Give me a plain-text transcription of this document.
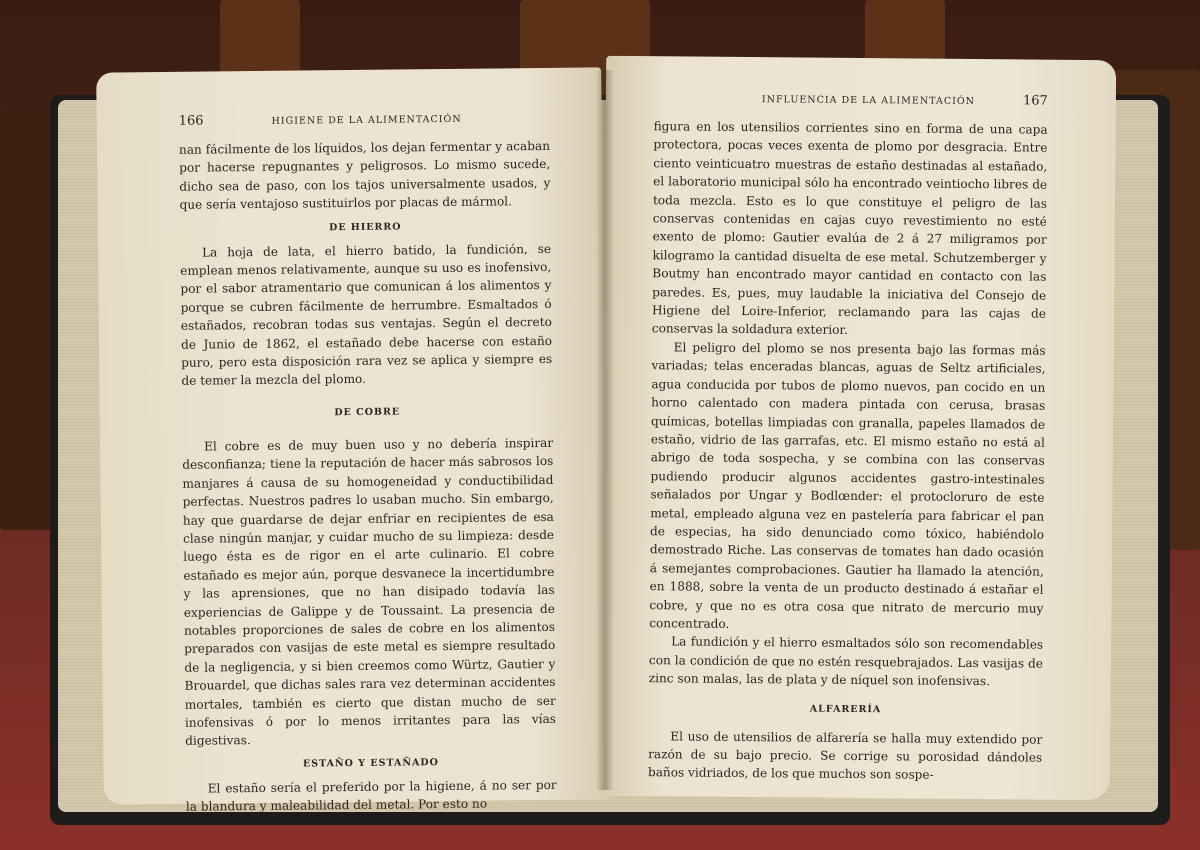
166	HIGIENE DE LA ALIMENTACIÓN

nan fácilmente de los líquidos, los dejan fermentar y acaban por hacerse repugnantes y peligrosos. Lo mismo sucede, dicho sea de paso, con los tajos universalmente usados, y que sería ventajoso sustituirlos por placas de mármol.

DE HIERRO

La hoja de lata, el hierro batido, la fundición, se emplean menos relativamente, aunque su uso es inofensivo, por el sabor atramentario que comunican á los alimentos y porque se cubren fácilmente de herrumbre. Esmaltados ó estañados, recobran todas sus ventajas. Según el decreto de Junio de 1862, el estañado debe hacerse con estaño puro, pero esta disposición rara vez se aplica y siempre es de temer la mezcla del plomo.

DE COBRE

El cobre es de muy buen uso y no debería inspirar desconfianza; tiene la reputación de hacer más sabrosos los manjares á causa de su homogeneidad y conductibilidad perfectas. Nuestros padres lo usaban mucho. Sin embargo, hay que guardarse de dejar enfriar en recipientes de esa clase ningún manjar, y cuidar mucho de su limpieza: desde luego ésta es de rigor en el arte culinario. El cobre estañado es mejor aún, porque desvanece la incertidumbre y las aprensiones, que no han disipado todavía las experiencias de Galippe y de Toussaint. La presencia de notables proporciones de sales de cobre en los alimentos preparados con vasijas de este metal es siempre resultado de la negligencia, y si bien creemos como Würtz, Gautier y Brouardel, que dichas sales rara vez determinan accidentes mortales, también es cierto que distan mucho de ser inofensivas ó por lo menos irritantes para las vías digestivas.

ESTAÑO Y ESTAÑADO

El estaño sería el preferido por la higiene, á no ser por la blandura y maleabilidad del metal. Por esto no

INFLUENCIA DE LA ALIMENTACIÓN	167

figura en los utensilios corrientes sino en forma de una capa protectora, pocas veces exenta de plomo por desgracia. Entre ciento veinticuatro muestras de estaño destinadas al estañado, el laboratorio municipal sólo ha encontrado veintiocho libres de toda mezcla. Esto es lo que constituye el peligro de las conservas contenidas en cajas cuyo revestimiento no esté exento de plomo: Gautier evalúa de 2 á 27 miligramos por kilogramo la cantidad disuelta de ese metal. Schutzemberger y Boutmy han encontrado mayor cantidad en contacto con las paredes. Es, pues, muy laudable la iniciativa del Consejo de Higiene del Loire-Inferior, reclamando para las cajas de conservas la soldadura exterior.

El peligro del plomo se nos presenta bajo las formas más variadas; telas enceradas blancas, aguas de Seltz artificiales, agua conducida por tubos de plomo nuevos, pan cocido en un horno calentado con madera pintada con cerusa, brasas químicas, botellas limpiadas con granalla, papeles llamados de estaño, vidrio de las garrafas, etc. El mismo estaño no está al abrigo de toda sospecha, y se combina con las conservas pudiendo producir algunos accidentes gastro-intestinales señalados por Ungar y Bodlœnder: el protocloruro de este metal, empleado alguna vez en pastelería para fabricar el pan de especias, ha sido denunciado como tóxico, habiéndolo demostrado Riche. Las conservas de tomates han dado ocasión á semejantes comprobaciones. Gautier ha llamado la atención, en 1888, sobre la venta de un producto destinado á estañar el cobre, y que no es otra cosa que nitrato de mercurio muy concentrado.

La fundición y el hierro esmaltados sólo son recomendables con la condición de que no estén resquebrajados. Las vasijas de zinc son malas, las de plata y de níquel son inofensivas.

ALFARERÍA

El uso de utensilios de alfarería se halla muy extendido por razón de su bajo precio. Se corrige su porosidad dándoles baños vidriados, de los que muchos son sospe-
